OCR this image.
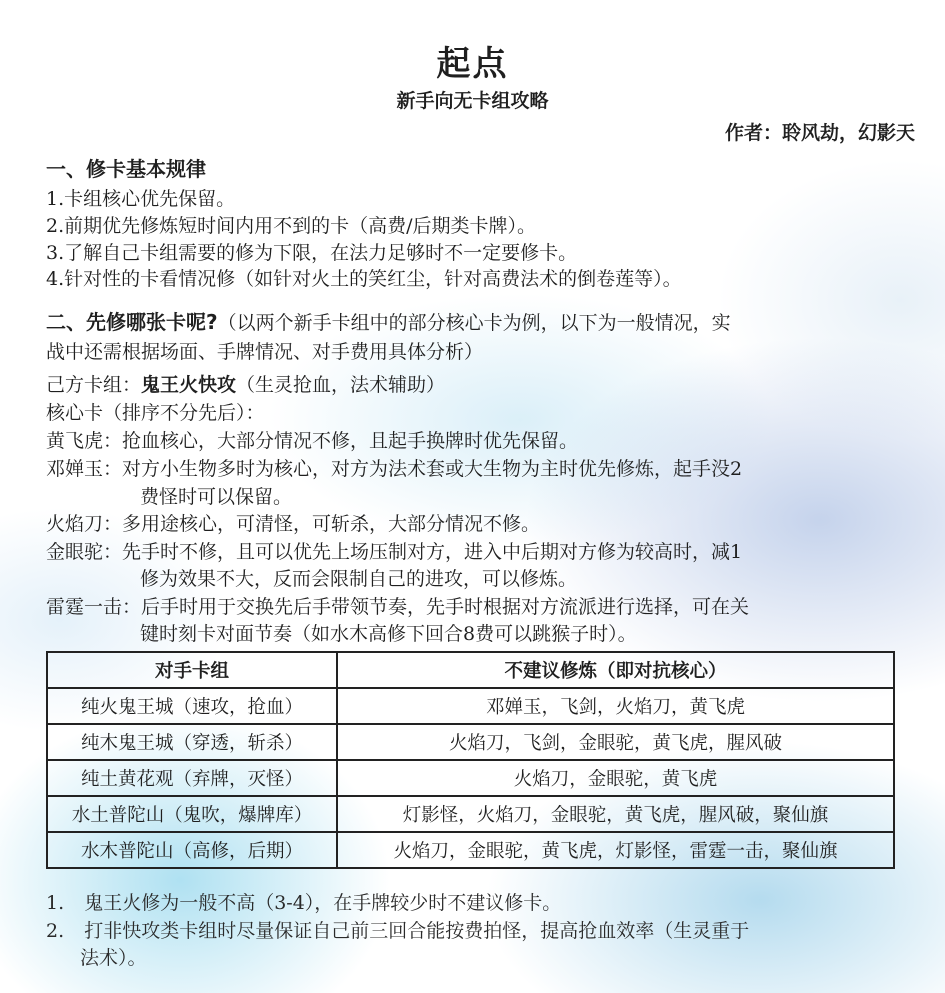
起点
新手向无卡组攻略
作者：聆风劫，幻影天
一、修卡基本规律
1.卡组核心优先保留。
2.前期优先修炼短时间内用不到的卡（高费/后期类卡牌）。
3.了解自己卡组需要的修为下限，在法力足够时不一定要修卡。
4.针对性的卡看情况修（如针对火土的笑红尘，针对高费法术的倒卷莲等）。
二、先修哪张卡呢?（以两个新手卡组中的部分核心卡为例，以下为一般情况，实
战中还需根据场面、手牌情况、对手费用具体分析）
己方卡组：鬼王火快攻（生灵抢血，法术辅助）
核心卡（排序不分先后）：
黄飞虎：抢血核心，大部分情况不修，且起手换牌时优先保留。
邓婵玉：对方小生物多时为核心，对方为法术套或大生物为主时优先修炼，起手没2
费怪时可以保留。
火焰刀：多用途核心，可清怪，可斩杀，大部分情况不修。
金眼驼：先手时不修，且可以优先上场压制对方，进入中后期对方修为较高时，减1
修为效果不大，反而会限制自己的进攻，可以修炼。
雷霆一击：后手时用于交换先后手带领节奏，先手时根据对方流派进行选择，可在关
键时刻卡对面节奏（如水木高修下回合8费可以跳猴子时）。
对手卡组	不建议修炼（即对抗核心）
纯火鬼王城（速攻，抢血）	邓婵玉，飞剑，火焰刀，黄飞虎
纯木鬼王城（穿透，斩杀）	火焰刀，飞剑，金眼驼，黄飞虎，腥风破
纯土黄花观（弃牌，灭怪）	火焰刀，金眼驼，黄飞虎
水土普陀山（鬼吹，爆牌库）	灯影怪，火焰刀，金眼驼，黄飞虎，腥风破，聚仙旗
水木普陀山（高修，后期）	火焰刀，金眼驼，黄飞虎，灯影怪，雷霆一击，聚仙旗
1. 鬼王火修为一般不高（3-4），在手牌较少时不建议修卡。
2. 打非快攻类卡组时尽量保证自己前三回合能按费拍怪，提高抢血效率（生灵重于
法术）。
